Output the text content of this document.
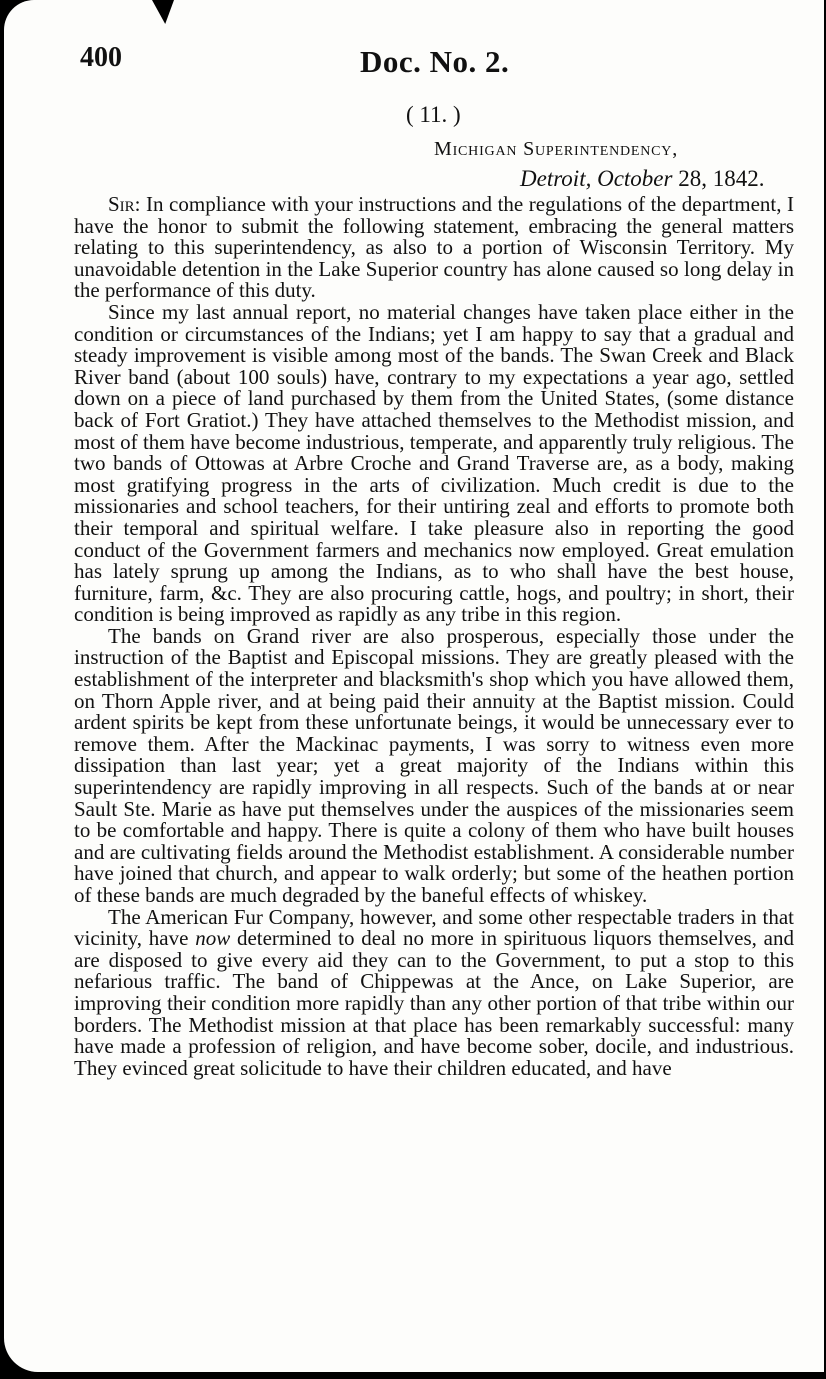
400	Doc. No. 2.
( 11. )
Michigan Superintendency,
Detroit, October 28, 1842.

Sir: In compliance with your instructions and the regulations of the department, I have the honor to submit the following statement, embracing the general matters relating to this superintendency, as also to a portion of Wisconsin Territory. My unavoidable detention in the Lake Superior country has alone caused so long delay in the performance of this duty.

Since my last annual report, no material changes have taken place either in the condition or circumstances of the Indians; yet I am happy to say that a gradual and steady improvement is visible among most of the bands. The Swan Creek and Black River band (about 100 souls) have, contrary to my expectations a year ago, settled down on a piece of land purchased by them from the United States, (some distance back of Fort Gratiot.) They have attached themselves to the Methodist mission, and most of them have become industrious, temperate, and apparently truly religious. The two bands of Ottowas at Arbre Croche and Grand Traverse are, as a body, making most gratifying progress in the arts of civilization. Much credit is due to the missionaries and school teachers, for their untiring zeal and efforts to promote both their temporal and spiritual welfare. I take pleasure also in reporting the good conduct of the Government farmers and mechanics now employed. Great emulation has lately sprung up among the Indians, as to who shall have the best house, furniture, farm, &c. They are also procuring cattle, hogs, and poultry; in short, their condition is being improved as rapidly as any tribe in this region.

The bands on Grand river are also prosperous, especially those under the instruction of the Baptist and Episcopal missions. They are greatly pleased with the establishment of the interpreter and blacksmith's shop which you have allowed them, on Thorn Apple river, and at being paid their annuity at the Baptist mission. Could ardent spirits be kept from these unfortunate beings, it would be unnecessary ever to remove them. After the Mackinac payments, I was sorry to witness even more dissipation than last year; yet a great majority of the Indians within this superintendency are rapidly improving in all respects. Such of the bands at or near Sault Ste. Marie as have put themselves under the auspices of the missionaries seem to be comfortable and happy. There is quite a colony of them who have built houses and are cultivating fields around the Methodist establishment. A considerable number have joined that church, and appear to walk orderly; but some of the heathen portion of these bands are much degraded by the baneful effects of whiskey.

The American Fur Company, however, and some other respectable traders in that vicinity, have now determined to deal no more in spirituous liquors themselves, and are disposed to give every aid they can to the Government, to put a stop to this nefarious traffic. The band of Chippewas at the Ance, on Lake Superior, are improving their condition more rapidly than any other portion of that tribe within our borders. The Methodist mission at that place has been remarkably successful: many have made a profession of religion, and have become sober, docile, and industrious. They evinced great solicitude to have their children educated, and have
